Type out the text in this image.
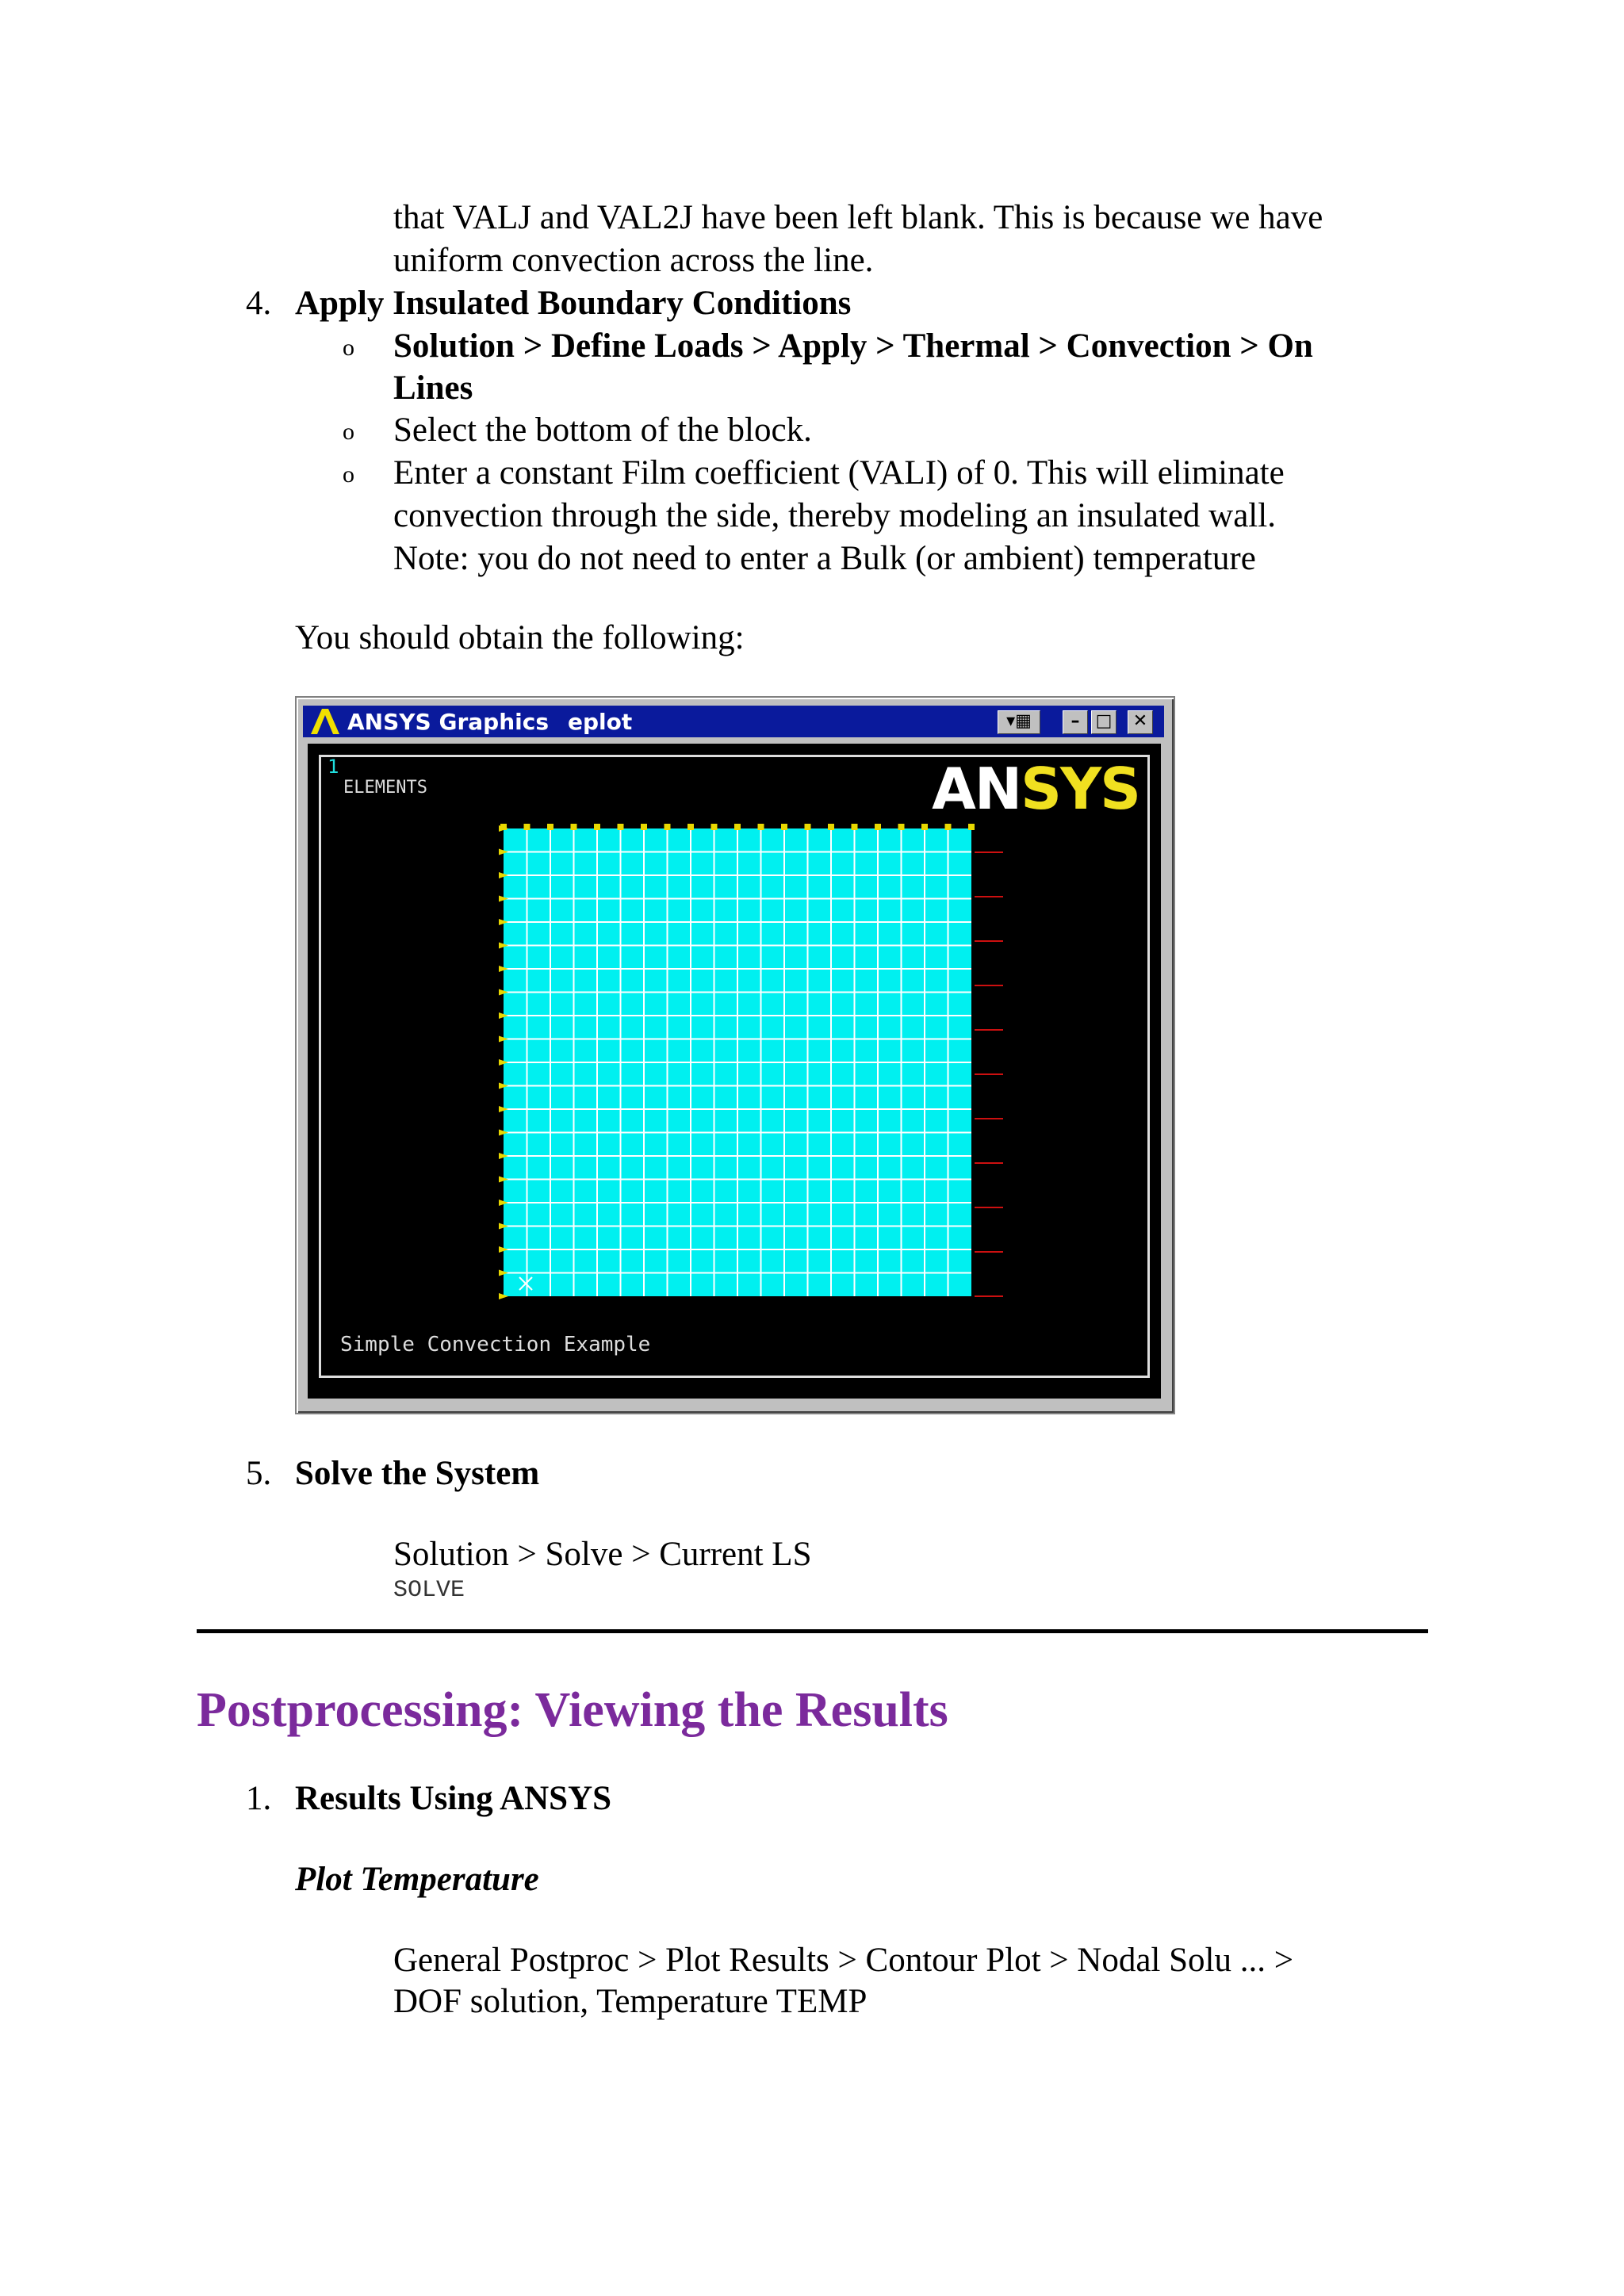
that VALJ and VAL2J have been left blank. This is because we have
uniform convection across the line.
4. Apply Insulated Boundary Conditions
o Solution > Define Loads > Apply > Thermal > Convection > On
Lines
o Select the bottom of the block.
o Enter a constant Film coefficient (VALI) of 0. This will eliminate
convection through the side, thereby modeling an insulated wall.
Note: you do not need to enter a Bulk (or ambient) temperature
You should obtain the following:
ANSYS Graphics eplot	▾▦	– □	✕
1
ELEMENTS	ANSYS
Simple Convection Example
5. Solve the System
Solution > Solve > Current LS
SOLVE
Postprocessing: Viewing the Results
1. Results Using ANSYS
Plot Temperature
General Postproc > Plot Results > Contour Plot > Nodal Solu ... >
DOF solution, Temperature TEMP
